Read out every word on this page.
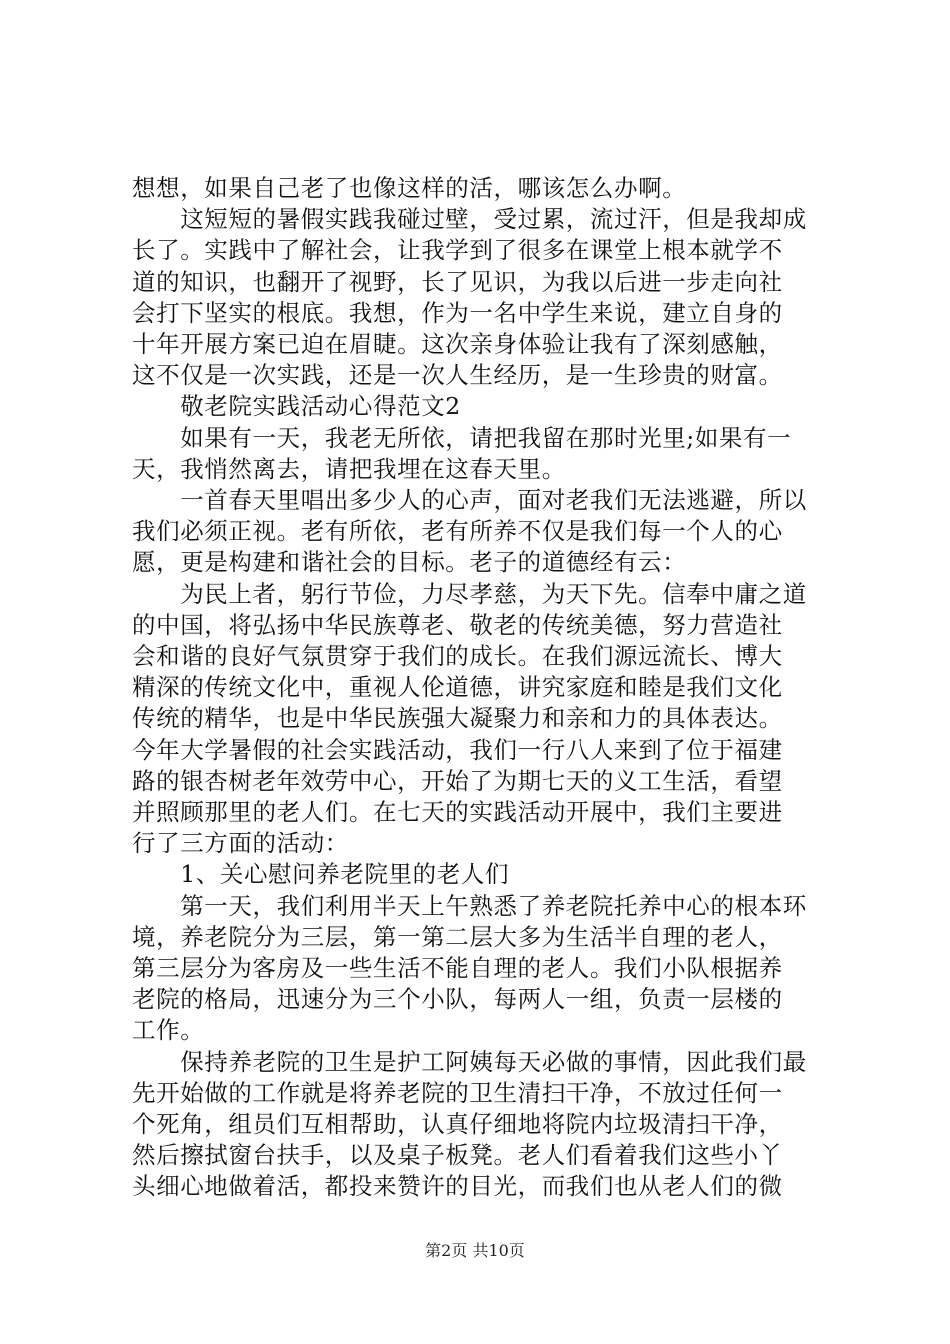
想想，如果自己老了也像这样的活，哪该怎么办啊。
　　这短短的暑假实践我碰过壁，受过累，流过汗，但是我却成
长了。实践中了解社会，让我学到了很多在课堂上根本就学不
道的知识，也翻开了视野，长了见识，为我以后进一步走向社
会打下坚实的根底。我想，作为一名中学生来说，建立自身的
十年开展方案已迫在眉睫。这次亲身体验让我有了深刻感触，
这不仅是一次实践，还是一次人生经历，是一生珍贵的财富。
　　敬老院实践活动心得范文2
　　如果有一天，我老无所依，请把我留在那时光里;如果有一
天，我悄然离去，请把我埋在这春天里。
　　一首春天里唱出多少人的心声，面对老我们无法逃避，所以
我们必须正视。老有所依，老有所养不仅是我们每一个人的心
愿，更是构建和谐社会的目标。老子的道德经有云：
　　为民上者，躬行节俭，力尽孝慈，为天下先。信奉中庸之道
的中国，将弘扬中华民族尊老、敬老的传统美德，努力营造社
会和谐的良好气氛贯穿于我们的成长。在我们源远流长、博大
精深的传统文化中，重视人伦道德，讲究家庭和睦是我们文化
传统的精华，也是中华民族强大凝聚力和亲和力的具体表达。
今年大学暑假的社会实践活动，我们一行八人来到了位于福建
路的银杏树老年效劳中心，开始了为期七天的义工生活，看望
并照顾那里的老人们。在七天的实践活动开展中，我们主要进
行了三方面的活动：
　　1、关心慰问养老院里的老人们
　　第一天，我们利用半天上午熟悉了养老院托养中心的根本环
境，养老院分为三层，第一第二层大多为生活半自理的老人，
第三层分为客房及一些生活不能自理的老人。我们小队根据养
老院的格局，迅速分为三个小队，每两人一组，负责一层楼的
工作。
　　保持养老院的卫生是护工阿姨每天必做的事情，因此我们最
先开始做的工作就是将养老院的卫生清扫干净，不放过任何一
个死角，组员们互相帮助，认真仔细地将院内垃圾清扫干净，
然后擦拭窗台扶手，以及桌子板凳。老人们看着我们这些小丫
头细心地做着活，都投来赞许的目光，而我们也从老人们的微
第2页 共10页
